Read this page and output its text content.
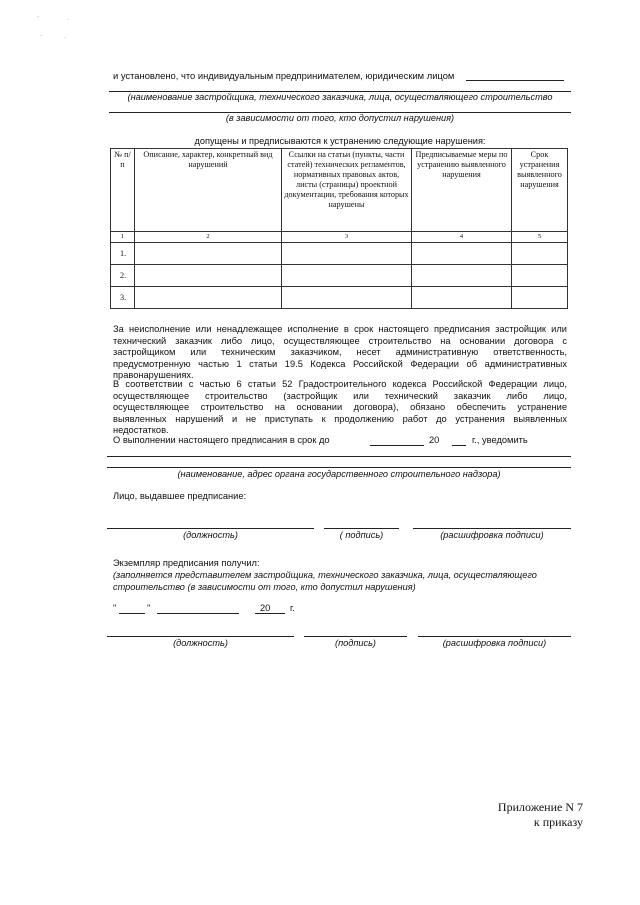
·	·
·	·
и установлено, что индивидуальным предпринимателем, юридическим лицом
(наименование застройщика, технического заказчика, лица, осуществляющего строительство
(в зависимости от того, кто допустил нарушения)
допущены и предписываются к устранению следующие нарушения:
№ п/п	Описание, характер, конкретный вид нарушений	Ссылки на статьи (пункты, части статей) технических регламентов, нормативных правовых актов, листы (страницы) проектной документации, требования которых нарушены	Предписываемые меры по устранению выявленного нарушения	Срок устранения выявленного нарушения
1	2	3	4	5
1.				
2.				
3.				
За неисполнение или ненадлежащее исполнение в срок настоящего предписания застройщик или
технический заказчик либо лицо, осуществляющее строительство на основании договора с
застройщиком или техническим заказчиком, несет административную ответственность,
предусмотренную частью 1 статьи 19.5 Кодекса Российской Федерации об административных
правонарушениях.
В соответствии с частью 6 статьи 52 Градостроительного кодекса Российской Федерации лицо,
осуществляющее строительство (застройщик или технический заказчик либо лицо,
осуществляющее строительство на основании договора), обязано обеспечить устранение
выявленных нарушений и не приступать к продолжению работ до устранения выявленных
недостатков.
О выполнении настоящего предписания в срок до	20	г., уведомить
(наименование, адрес органа государственного строительного надзора)
Лицо, выдавшее предписание:
(должность)	( подпись)	(расшифровка подписи)
Экземпляр предписания получил:
(заполняется представителем застройщика, технического заказчика, лица, осуществляющего
строительство (в зависимости от того, кто допустил нарушения)
"	"	20 г.
(должность)	(подпись)	(расшифровка подписи)
Приложение N 7
к приказу
